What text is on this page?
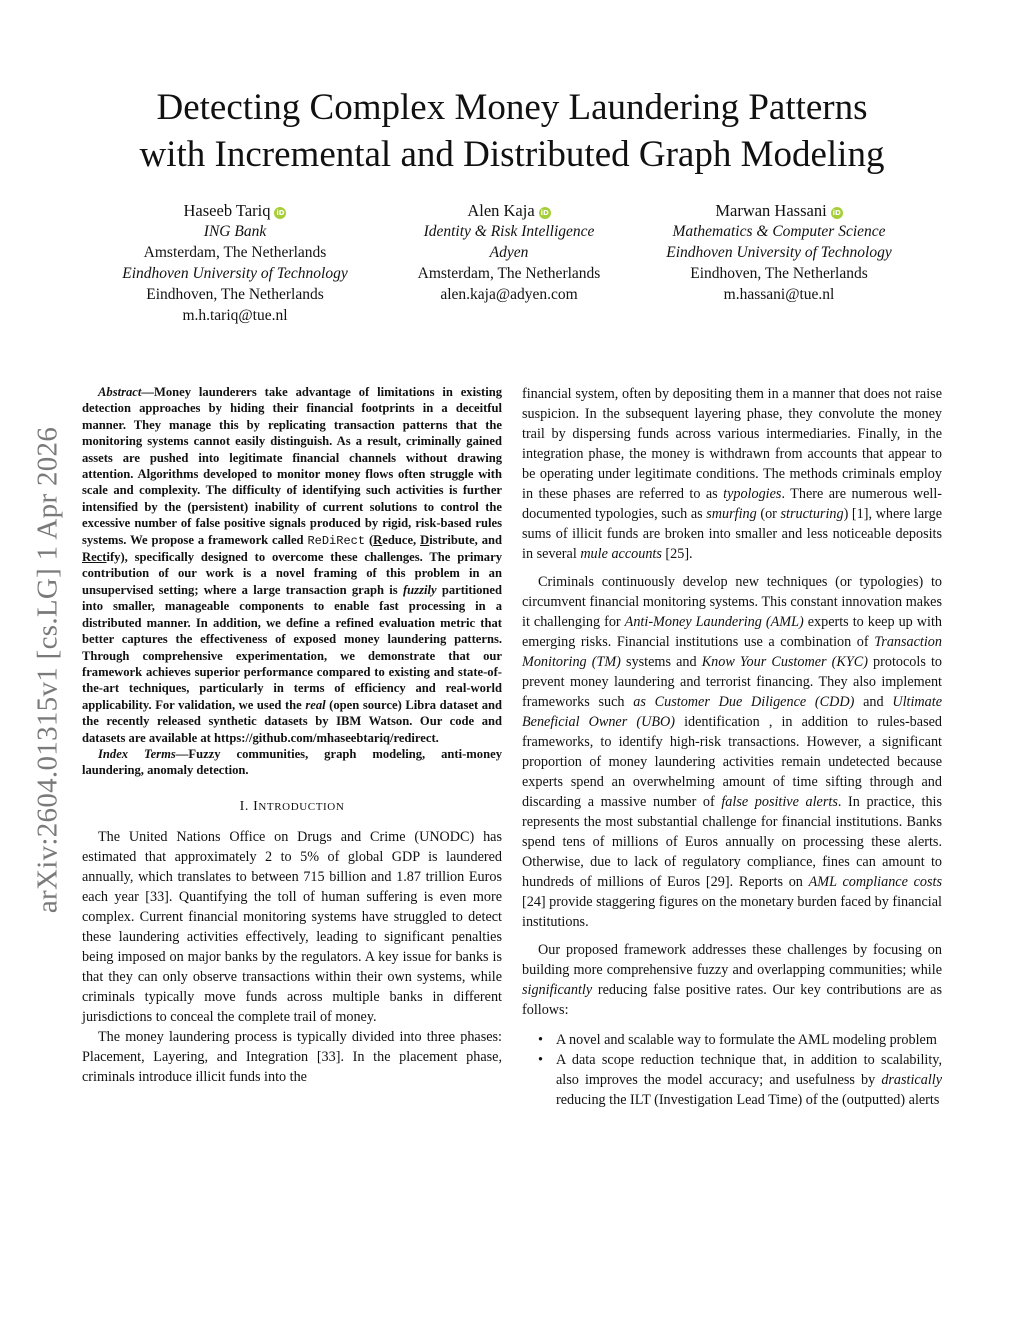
Detecting Complex Money Laundering Patterns
with Incremental and Distributed Graph Modeling
Haseeb Tariq iD
ING Bank
Amsterdam, The Netherlands
Eindhoven University of Technology
Eindhoven, The Netherlands
m.h.tariq@tue.nl
Alen Kaja iD
Identity & Risk Intelligence
Adyen
Amsterdam, The Netherlands
alen.kaja@adyen.com
Marwan Hassani iD
Mathematics & Computer Science
Eindhoven University of Technology
Eindhoven, The Netherlands
m.hassani@tue.nl
arXiv:2604.01315v1 [cs.LG] 1 Apr 2026

Abstract—Money launderers take advantage of limitations in existing detection approaches by hiding their financial footprints in a deceitful manner. They manage this by replicating transaction patterns that the monitoring systems cannot easily distinguish. As a result, criminally gained assets are pushed into legitimate financial channels without drawing attention. Algorithms developed to monitor money flows often struggle with scale and complexity. The difficulty of identifying such activities is further intensified by the (persistent) inability of current solutions to control the excessive number of false positive signals produced by rigid, risk-based rules systems. We propose a framework called ReDiRect (Reduce, Distribute, and Rectify), specifically designed to overcome these challenges. The primary contribution of our work is a novel framing of this problem in an unsupervised setting; where a large transaction graph is fuzzily partitioned into smaller, manageable components to enable fast processing in a distributed manner. In addition, we define a refined evaluation metric that better captures the effectiveness of exposed money laundering patterns. Through comprehensive experimentation, we demonstrate that our framework achieves superior performance compared to existing and state-of-the-art techniques, particularly in terms of efficiency and real-world applicability. For validation, we used the real (open source) Libra dataset and the recently released synthetic datasets by IBM Watson. Our code and datasets are available at https://github.com/mhaseebtariq/redirect.

Index Terms—Fuzzy communities, graph modeling, anti-money laundering, anomaly detection.

I. INTRODUCTION

The United Nations Office on Drugs and Crime (UNODC) has estimated that approximately 2 to 5% of global GDP is laundered annually, which translates to between 715 billion and 1.87 trillion Euros each year [33]. Quantifying the toll of human suffering is even more complex. Current financial monitoring systems have struggled to detect these laundering activities effectively, leading to significant penalties being imposed on major banks by the regulators. A key issue for banks is that they can only observe transactions within their own systems, while criminals typically move funds across multiple banks in different jurisdictions to conceal the complete trail of money.

The money laundering process is typically divided into three phases: Placement, Layering, and Integration [33]. In the placement phase, criminals introduce illicit funds into the

financial system, often by depositing them in a manner that does not raise suspicion. In the subsequent layering phase, they convolute the money trail by dispersing funds across various intermediaries. Finally, in the integration phase, the money is withdrawn from accounts that appear to be operating under legitimate conditions. The methods criminals employ in these phases are referred to as typologies. There are numerous well-documented typologies, such as smurfing (or structuring) [1], where large sums of illicit funds are broken into smaller and less noticeable deposits in several mule accounts [25].

Criminals continuously develop new techniques (or typologies) to circumvent financial monitoring systems. This constant innovation makes it challenging for Anti-Money Laundering (AML) experts to keep up with emerging risks. Financial institutions use a combination of Transaction Monitoring (TM) systems and Know Your Customer (KYC) protocols to prevent money laundering and terrorist financing. They also implement frameworks such as Customer Due Diligence (CDD) and Ultimate Beneficial Owner (UBO) identification , in addition to rules-based frameworks, to identify high-risk transactions. However, a significant proportion of money laundering activities remain undetected because experts spend an overwhelming amount of time sifting through and discarding a massive number of false positive alerts. In practice, this represents the most substantial challenge for financial institutions. Banks spend tens of millions of Euros annually on processing these alerts. Otherwise, due to lack of regulatory compliance, fines can amount to hundreds of millions of Euros [29]. Reports on AML compliance costs [24] provide staggering figures on the monetary burden faced by financial institutions.

Our proposed framework addresses these challenges by focusing on building more comprehensive fuzzy and overlapping communities; while significantly reducing false positive rates. Our key contributions are as follows:

• A novel and scalable way to formulate the AML modeling problem
• A data scope reduction technique that, in addition to scalability, also improves the model accuracy; and usefulness by drastically reducing the ILT (Investigation Lead Time) of the (outputted) alerts
